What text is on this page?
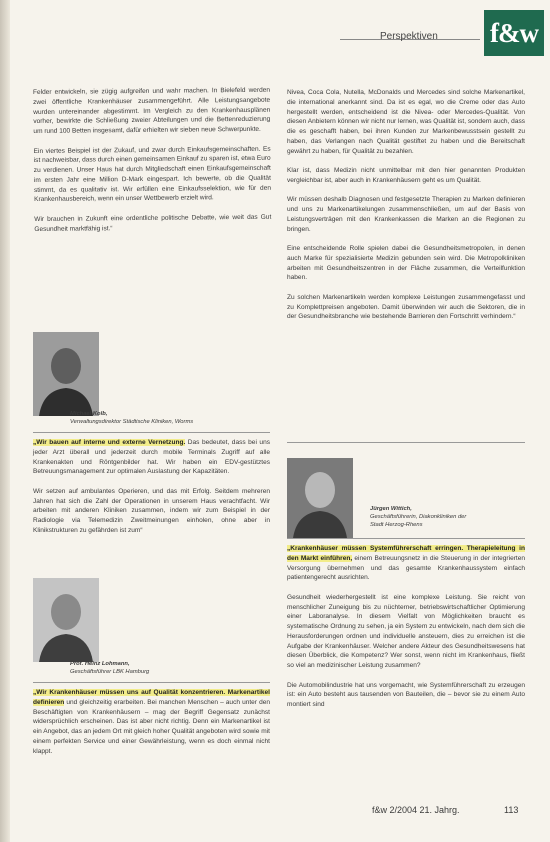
Perspektiven f&w

Felder entwickeln, sie zügig aufgreifen und wahr machen. In Bielefeld werden zwei öffentliche Krankenhäuser zusammengeführt. Alle Leistungsangebote wurden untereinander abgestimmt. Im Vergleich zu den Krankenhausplänen vorher, bewirkte die Schließung zweier Abteilungen und die Bettenreduzierung um rund 100 Betten insgesamt, dafür erhielten wir sieben neue Schwerpunkte.

Ein viertes Beispiel ist der Zukauf, und zwar durch Einkaufsgemeinschaften. Es ist nachweisbar, dass durch einen gemeinsamen Einkauf zu sparen ist, etwa Euro zu verdienen. Unser Haus hat durch Mitgliedschaft einen Einkaufsgemeinschaft im ersten Jahr eine Million D-Mark eingespart. Ich bewerte, ob die Qualität stimmt, da es qualitativ ist. Wir erfüllen eine Einkaufsselektion, wie für den Krankenhausbereich, wenn ein unser Wettbewerb erzielt wird.

Wir brauchen in Zukunft eine ordentliche politische Debatte, wie weit das Gut Gesundheit marktfähig ist.“

Michael Kolb,
Verwaltungsdirektor Städtische Kliniken, Worms

„Wir bauen auf interne und externe Vernetzung. Das bedeutet, dass bei uns jeder Arzt überall und jederzeit durch mobile Terminals Zugriff auf alle Krankenakten und Röntgenbilder hat. Wir haben ein EDV-gestütztes Betreuungsmanagement zur optimalen Auslastung der Kapazitäten.

Wir setzen auf ambulantes Operieren, und das mit Erfolg. Seitdem mehreren Jahren hat sich die Zahl der Operationen in unserem Haus verachtfacht. Wir arbeiten mit anderen Kliniken zusammen, indem wir zum Beispiel in der Radiologie via Telemedizin Zweitmeinungen einholen, ohne aber in Klinikstrukturen zu gefährden ist zum“

Prof. Heinz Lohmann,
Geschäftsführer LBK Hamburg

„Wir Krankenhäuser müssen uns auf Qualität konzentrieren. Markenartikel definieren und gleichzeitig erarbeiten. Bei manchen Menschen – auch unter den Beschäftigten von Krankenhäusern – mag der Begriff Gegensatz zunächst widersprüchlich erscheinen. Das ist aber nicht richtig. Denn ein Markenartikel ist ein Angebot, das an jedem Ort mit gleich hoher Qualität angeboten wird sowie mit einem perfekten Service und einer Gewährleistung, wenn es doch einmal nicht klappt.

Nivea, Coca Cola, Nutella, McDonalds und Mercedes sind solche Markenartikel, die international anerkannt sind. Da ist es egal, wo die Creme oder das Auto hergestellt werden, entscheidend ist die Nivea- oder Mercedes-Qualität. Von diesen Anbietern können wir nicht nur lernen, was Qualität ist, sondern auch, dass die es geschafft haben, bei ihren Kunden zur Markenbewusstsein gestellt zu haben, das Verlangen nach Qualität gestiftet zu haben und die Bereitschaft gewährt zu haben, für Qualität zu bezahlen.

Klar ist, dass Medizin nicht unmittelbar mit den hier genannten Produkten vergleichbar ist, aber auch in Krankenhäusern geht es um Qualität.

Wir müssen deshalb Diagnosen und festgesetzte Therapien zu Marken definieren und uns zu Markenartikelungen zusammenschließen, um auf der Basis von Leistungsverträgen mit den Krankenkassen die Marken an die Regionen zu bringen.

Eine entscheidende Rolle spielen dabei die Gesundheitsmetropolen, in denen auch Marke für spezialisierte Medizin gebunden sein wird. Die Metropolkliniken arbeiten mit Gesundheitszentren in der Fläche zusammen, die Verteilfunktion haben.

Zu solchen Markenartikeln werden komplexe Leistungen zusammengefasst und zu Komplettpreisen angeboten. Damit überwinden wir auch die Sektoren, die in der Gesundheitsbranche wie bestehende Barrieren den Fortschritt verhindern.“

Jürgen Wittich,
Geschäftsführerin, Diakonkliniken der
Stadt Herzog-Rhens

„Krankenhäuser müssen Systemführerschaft erringen. Therapieleitung in den Markt einführen, einem Betreuungsnetz in die Steuerung in der integrierten Versorgung übernehmen und das gesamte Krankenhaussystem einfach patientengerecht ausrichten.

Gesundheit wiederhergestellt ist eine komplexe Leistung. Sie reicht von menschlicher Zuneigung bis zu nüchterner, betriebswirtschaftlicher Optimierung einer Laboranalyse. In diesem Vielfalt von Möglichkeiten braucht es systematische Ordnung zu sehen, ja ein System zu entwickeln, nach dem sich die Herausforderungen ordnen und individuelle ansteuern, dies zu erreichen ist die Aufgabe der Krankenhäuser. Welcher andere Akteur des Gesundheitswesens hat diesen Überblick, die Kompetenz? Wer sonst, wenn nicht im Krankenhaus, fließt so viel an medizinischer Leistung zusammen?

Die Automobilindustrie hat uns vorgemacht, wie Systemführerschaft zu erzeugen ist: ein Auto besteht aus tausenden von Bauteilen, die – bevor sie zu einem Auto montiert sind

f&w 2/2004 21. Jahrg.	113
